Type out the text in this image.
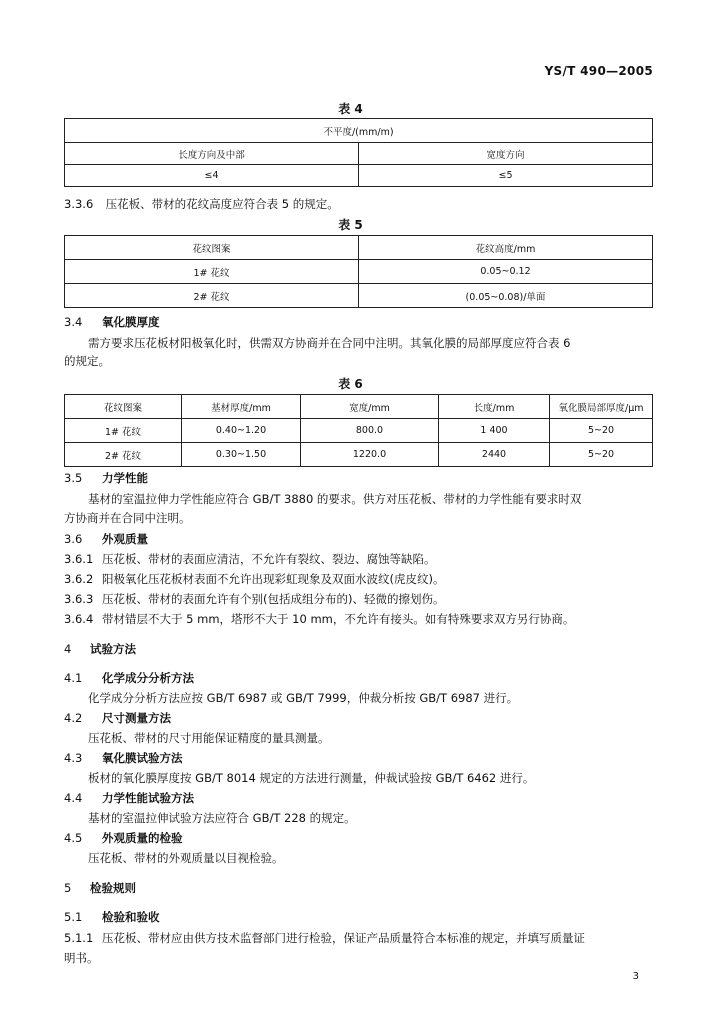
YS/T 490—2005
表 4
不平度/(mm/m)	
长度方向及中部	宽度方向
≤4	≤5
3.3.6 压花板、带材的花纹高度应符合表 5 的规定。
表 5
花纹图案	花纹高度/mm
1# 花纹	0.05~0.12
2# 花纹	(0.05~0.08)/单面
3.4 氧化膜厚度
需方要求压花板材阳极氧化时，供需双方协商并在合同中注明。其氧化膜的局部厚度应符合表 6
的规定。
表 6
花纹图案	基材厚度/mm	宽度/mm	长度/mm	氧化膜局部厚度/μm
1# 花纹	0.40~1.20	800.0	1 400	5~20
2# 花纹	0.30~1.50	1220.0	2440	5~20
3.5 力学性能
基材的室温拉伸力学性能应符合 GB/T 3880 的要求。供方对压花板、带材的力学性能有要求时双
方协商并在合同中注明。
3.6 外观质量
3.6.1 压花板、带材的表面应清洁，不允许有裂纹、裂边、腐蚀等缺陷。
3.6.2 阳极氧化压花板材表面不允许出现彩虹现象及双面水波纹(虎皮纹)。
3.6.3 压花板、带材的表面允许有个别(包括成组分布的)、轻微的擦划伤。
3.6.4 带材错层不大于 5 mm，塔形不大于 10 mm，不允许有接头。如有特殊要求双方另行协商。
4 试验方法
4.1 化学成分分析方法
化学成分分析方法应按 GB/T 6987 或 GB/T 7999，仲裁分析按 GB/T 6987 进行。
4.2 尺寸测量方法
压花板、带材的尺寸用能保证精度的量具测量。
4.3 氧化膜试验方法
板材的氧化膜厚度按 GB/T 8014 规定的方法进行测量，仲裁试验按 GB/T 6462 进行。
4.4 力学性能试验方法
基材的室温拉伸试验方法应符合 GB/T 228 的规定。
4.5 外观质量的检验
压花板、带材的外观质量以目视检验。
5 检验规则
5.1 检验和验收
5.1.1 压花板、带材应由供方技术监督部门进行检验，保证产品质量符合本标准的规定，并填写质量证
明书。
3
